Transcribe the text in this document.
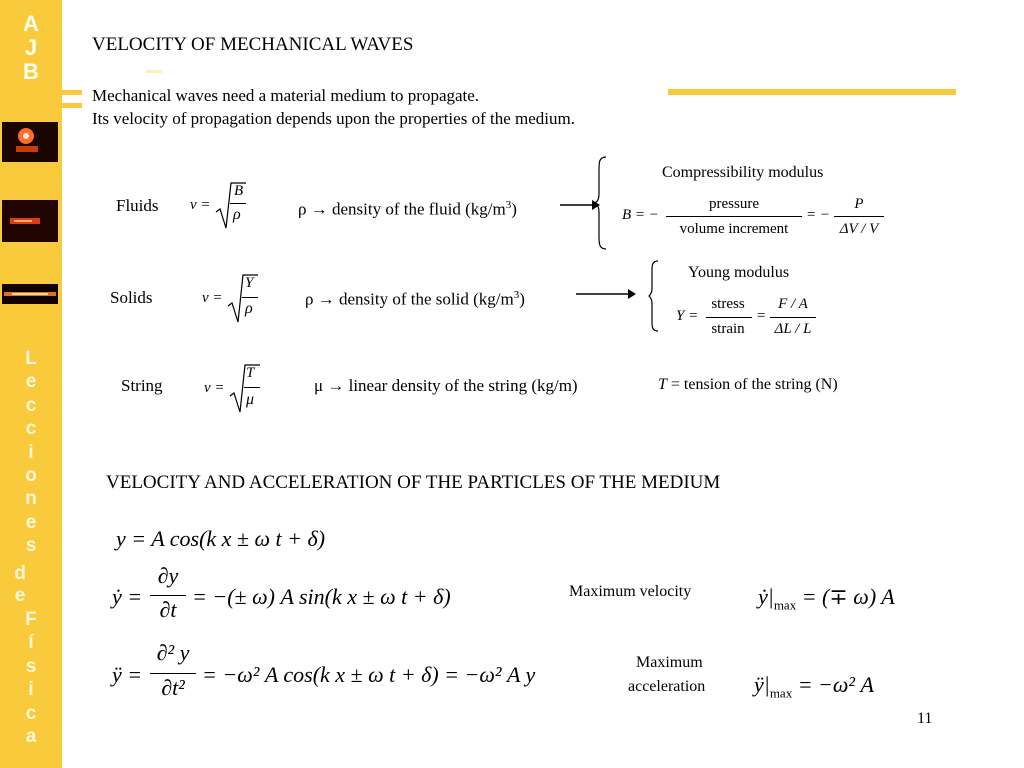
A
J
B
L
e
c
c
i
o
n
e
s
d
e
F
í
s
i
c
a
VELOCITY OF MECHANICAL WAVES
Mechanical waves need a material medium to propagate.
Its velocity of propagation depends upon the properties of the medium.
Fluids v =
B
ρ	ρ → density of the fluid $(kg/m^3)$
Compressibility modulus
B = −
pressure
volume increment
= −
P
ΔV / V
Solids	v =
Y
ρ	ρ → density of the solid $(kg/m^3)$
Young modulus
Y =
stress
strain
=
F / A
ΔL / L
String	v =
T
μ
μ → linear density of the string (kg/m)	T = tension of the string (N)
VELOCITY AND ACCELERATION OF THE PARTICLES OF THE MEDIUM
y = A cos(k x ± ω t + δ)
ẏ =
∂y
∂t
= −(± ω) A sin(k x ± ω t + δ)
ÿ =
∂² y
∂t²
= −ω² A cos(k x ± ω t + δ) = −ω² A y
Maximum velocity	$ẏ|_{max}$ = (∓ ω) A
Maximum
acceleration $ÿ|_{max} = -\omega^2$ A
11
